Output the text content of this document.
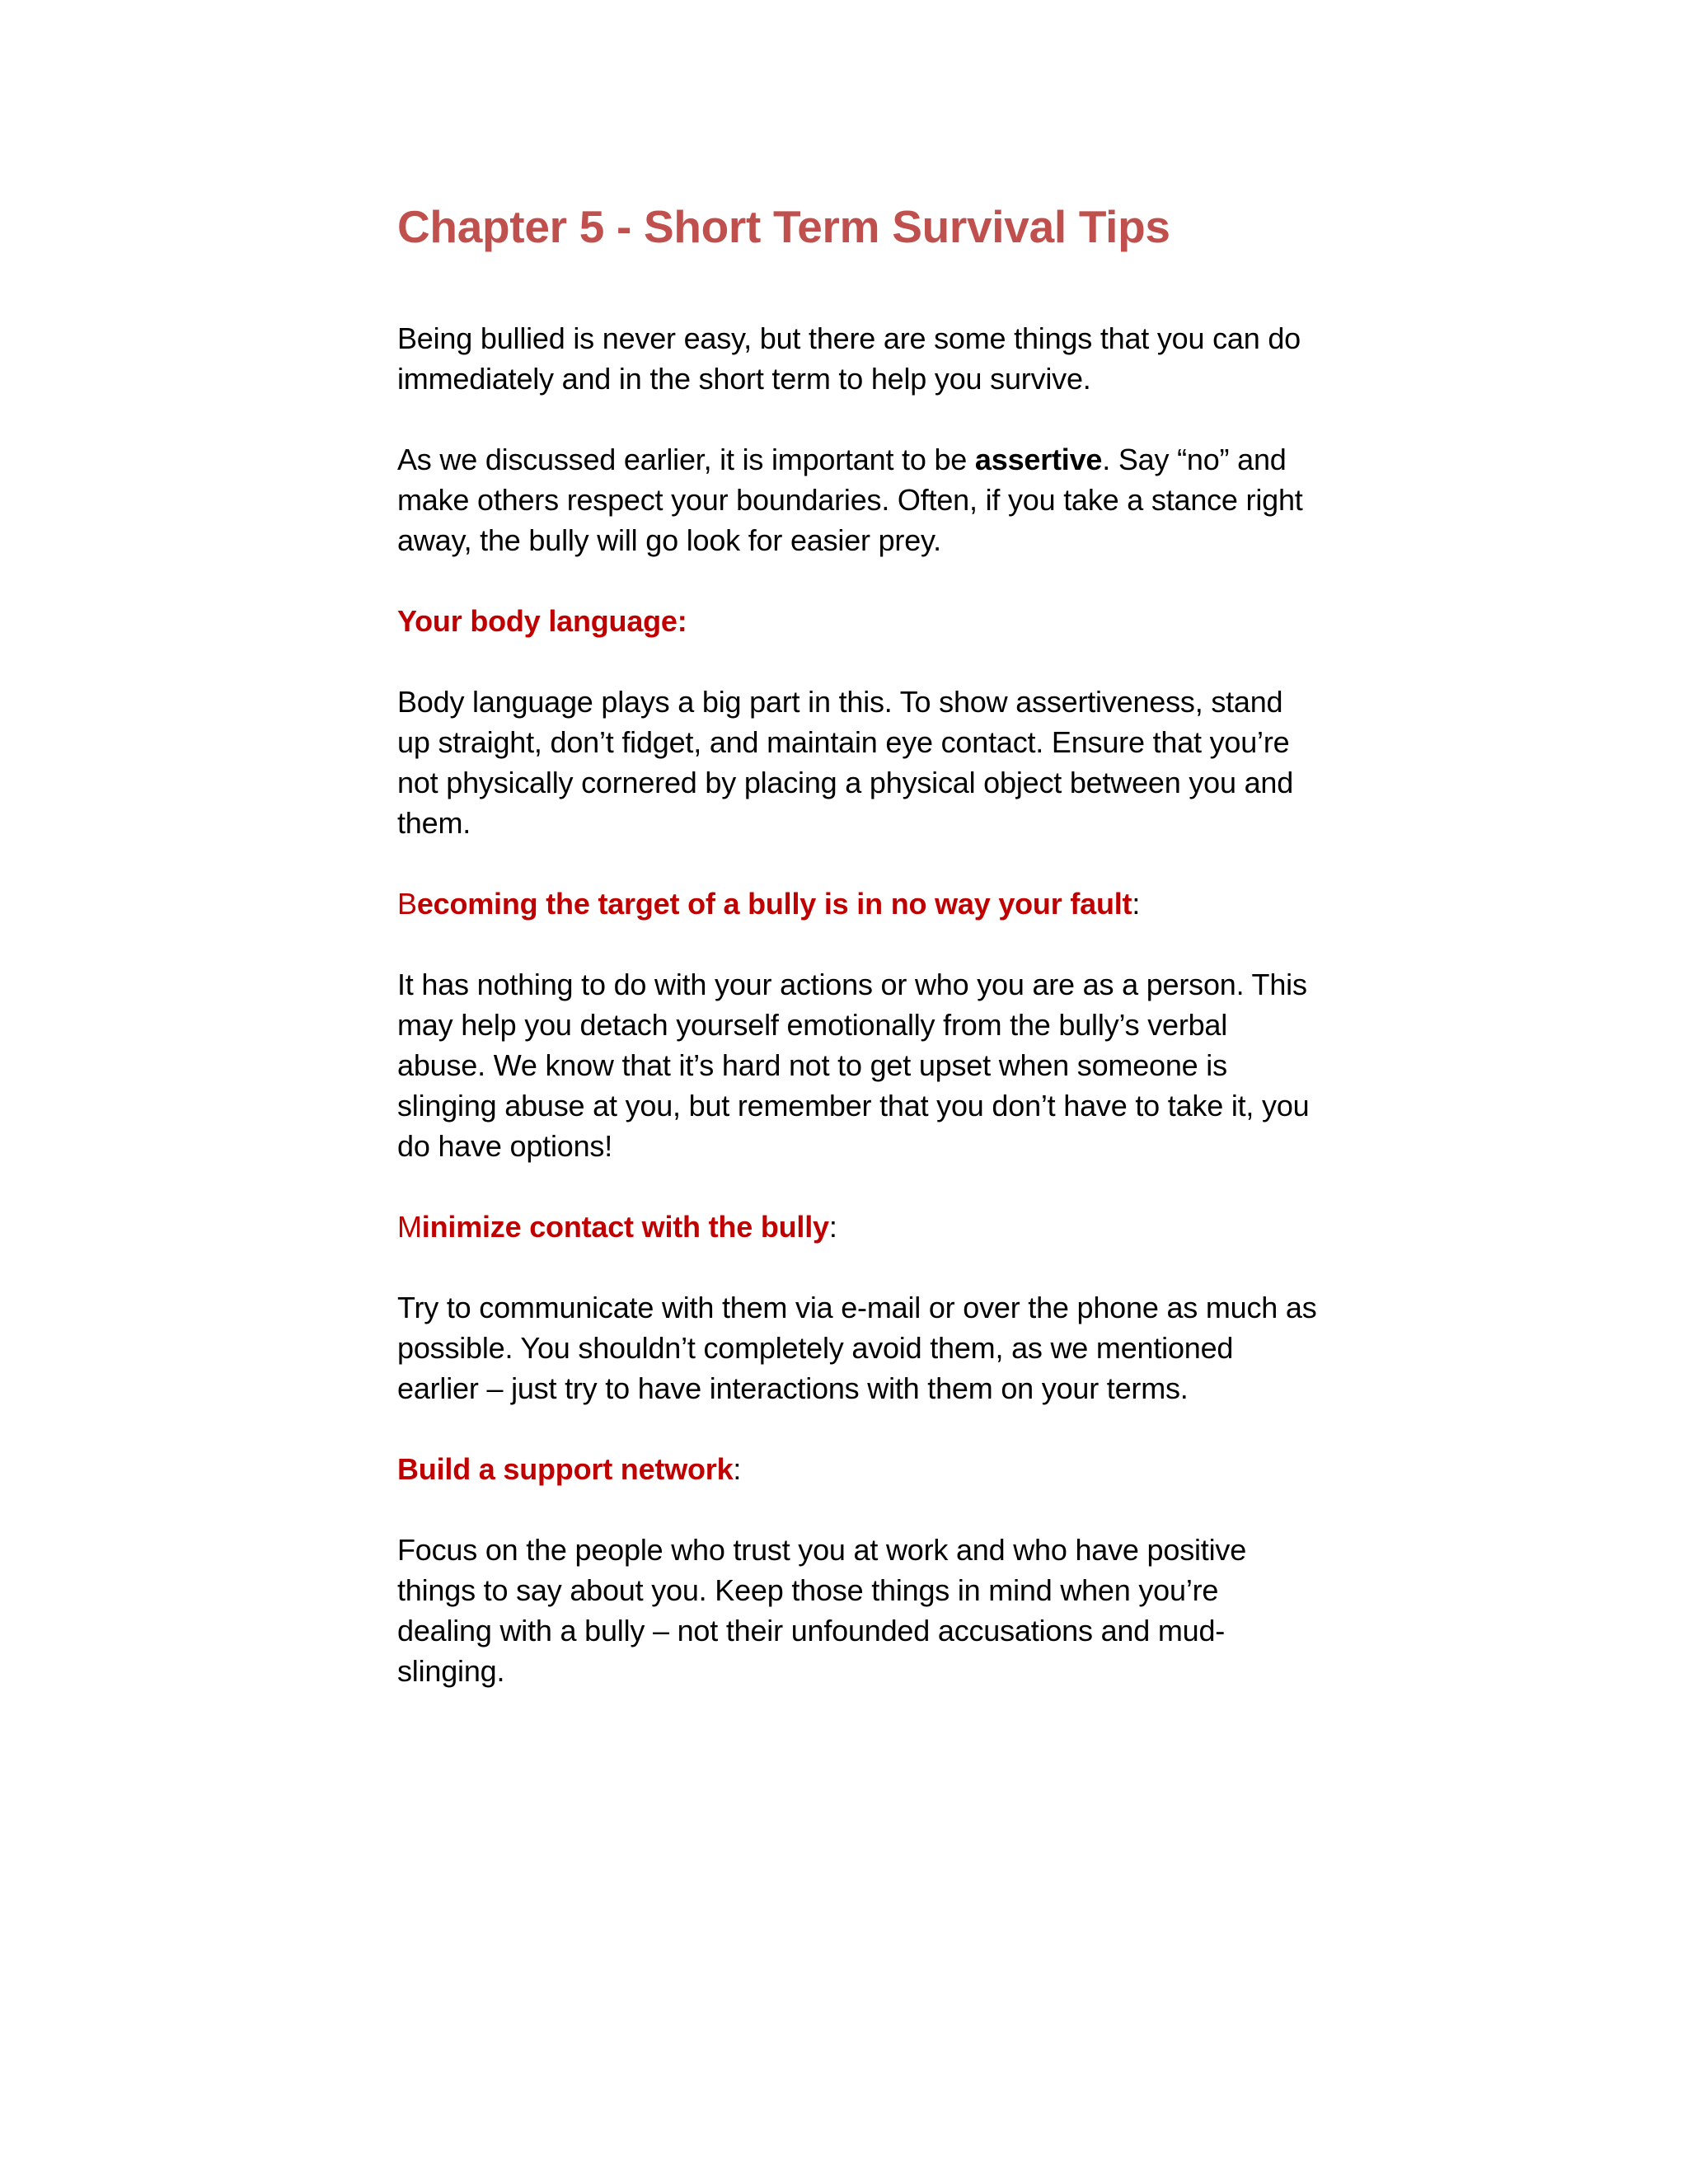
Chapter 5 - Short Term Survival Tips

Being bullied is never easy, but there are some things that you can do immediately and in the short term to help you survive.

As we discussed earlier, it is important to be assertive. Say “no” and make others respect your boundaries. Often, if you take a stance right away, the bully will go look for easier prey.

Your body language:

Body language plays a big part in this. To show assertiveness, stand up straight, don’t fidget, and maintain eye contact. Ensure that you’re not physically cornered by placing a physical object between you and them.

Becoming the target of a bully is in no way your fault:

It has nothing to do with your actions or who you are as a person. This may help you detach yourself emotionally from the bully’s verbal abuse. We know that it’s hard not to get upset when someone is slinging abuse at you, but remember that you don’t have to take it, you do have options!

Minimize contact with the bully:

Try to communicate with them via e-mail or over the phone as much as possible. You shouldn’t completely avoid them, as we mentioned earlier – just try to have interactions with them on your terms.

Build a support network:

Focus on the people who trust you at work and who have positive things to say about you. Keep those things in mind when you’re dealing with a bully – not their unfounded accusations and mud-slinging.
